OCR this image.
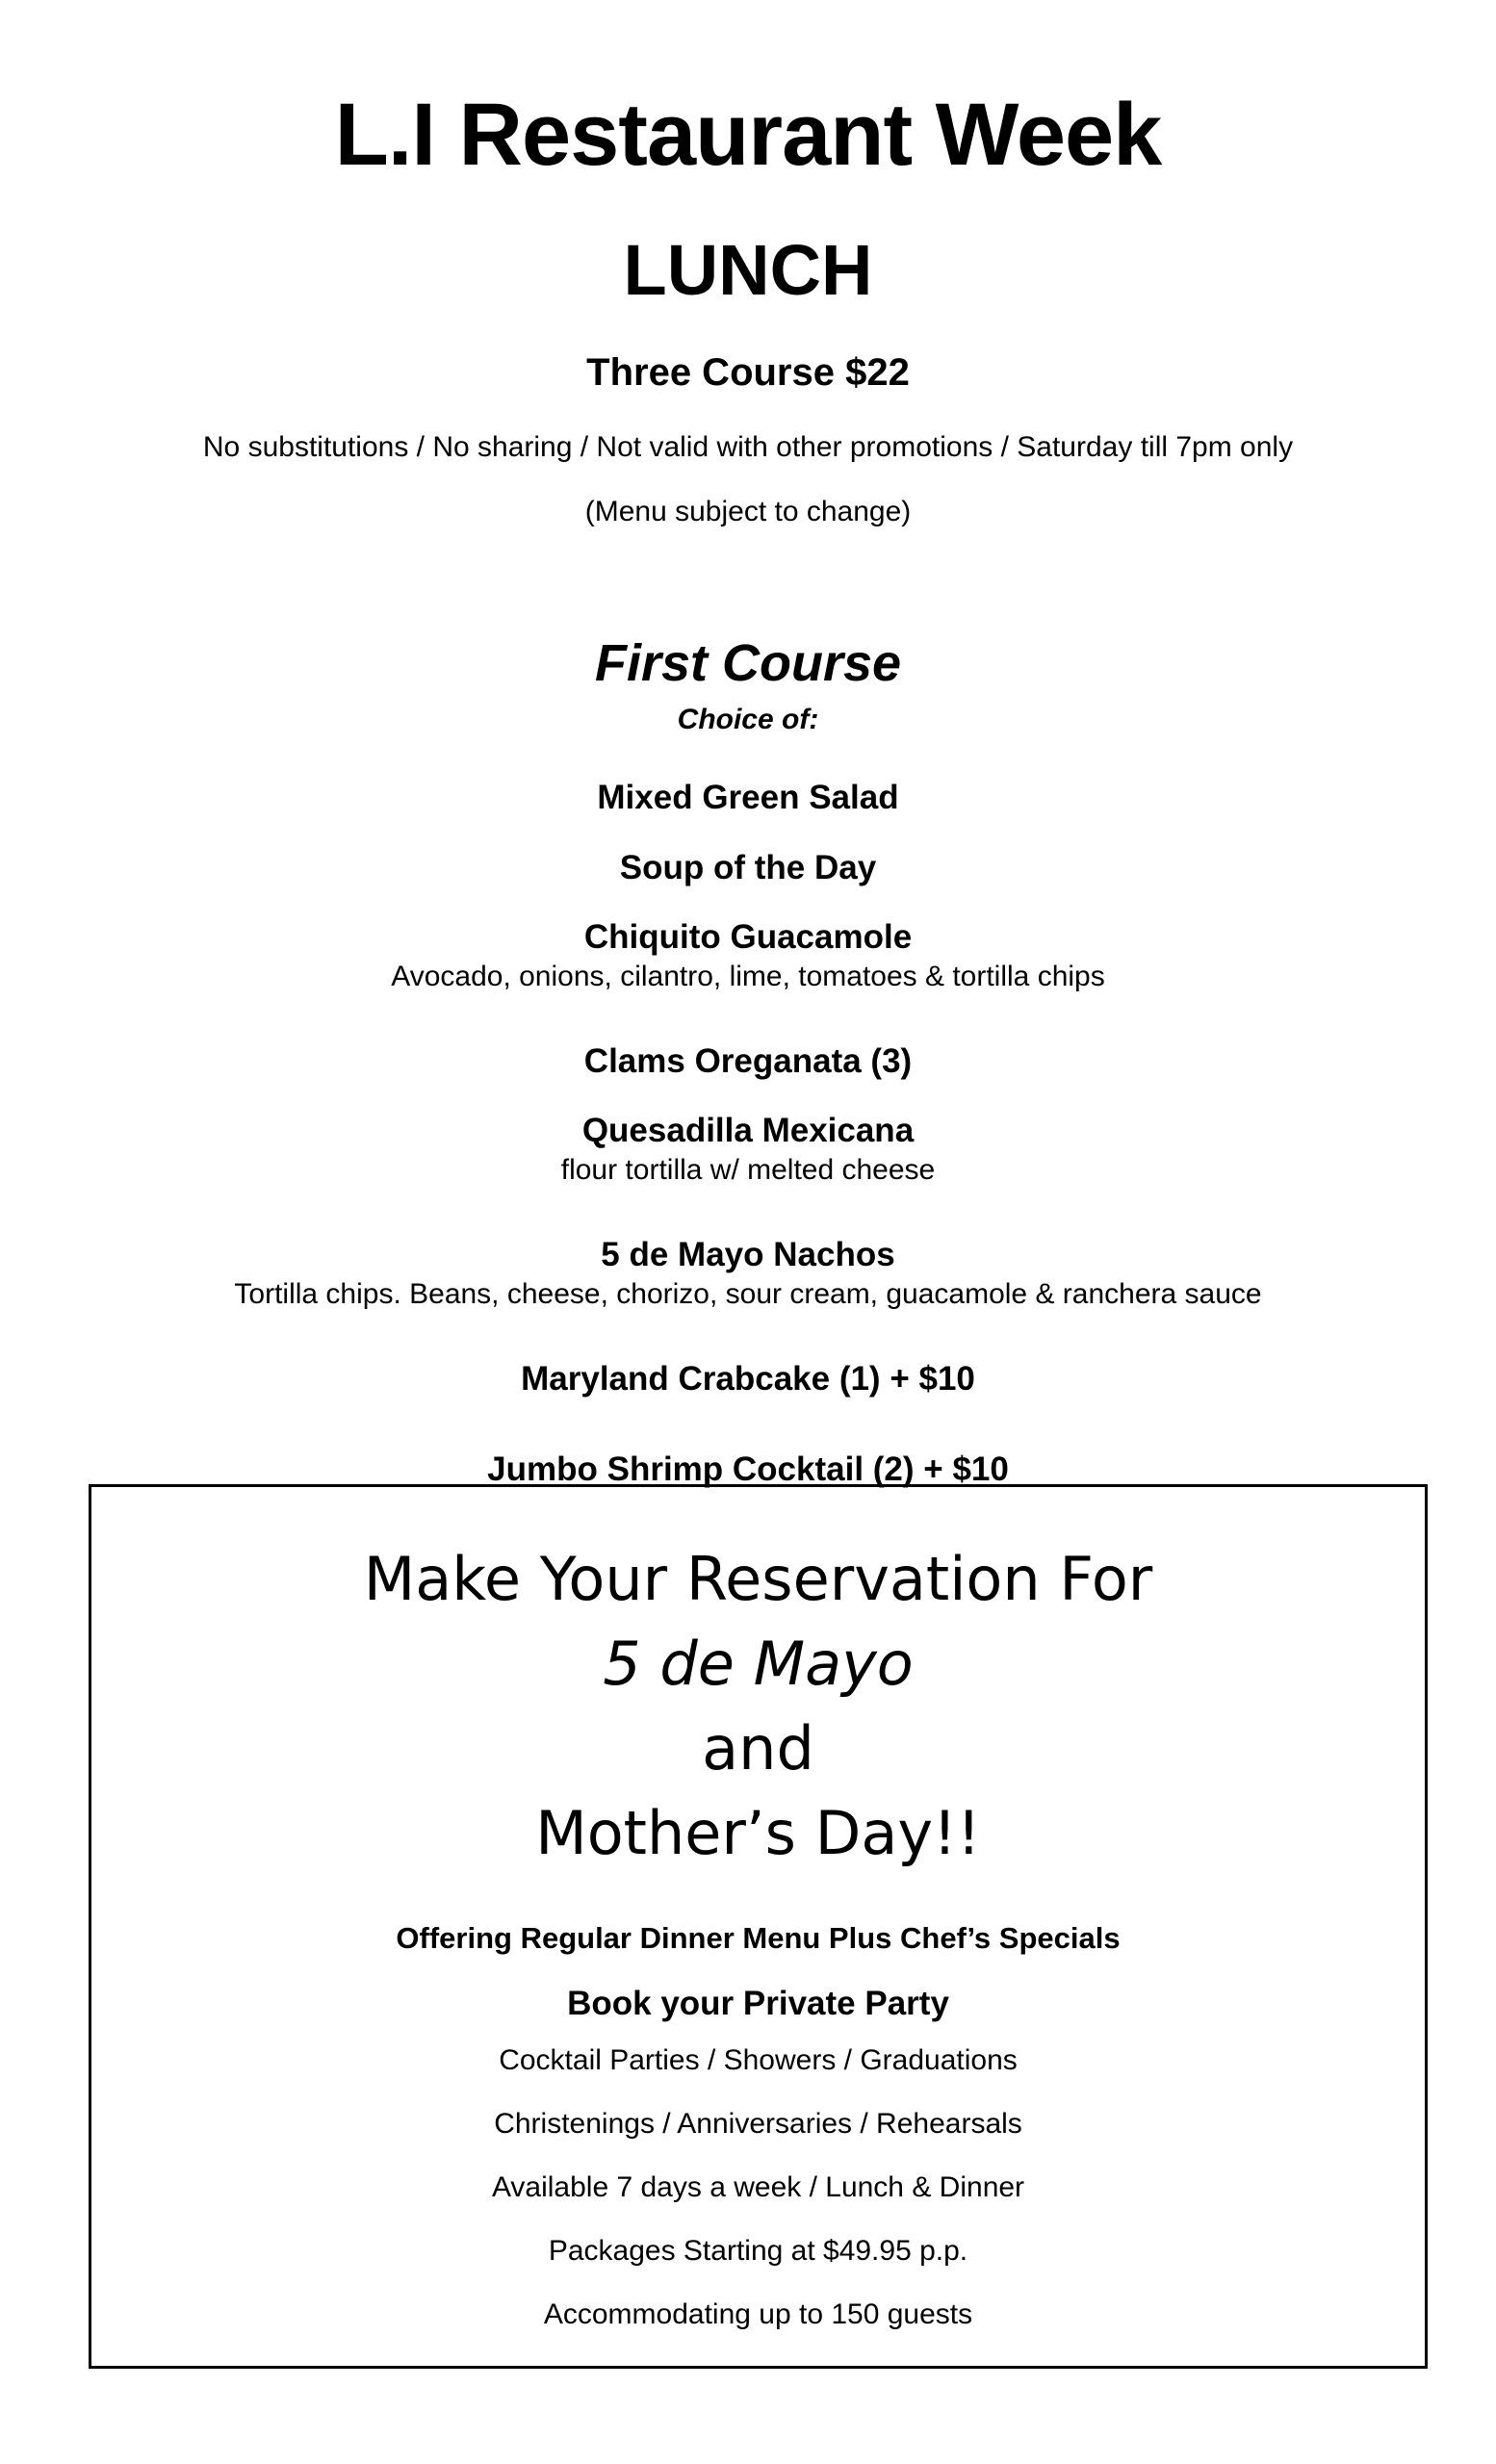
L.I Restaurant Week
LUNCH
Three Course $22
No substitutions / No sharing / Not valid with other promotions / Saturday till 7pm only
(Menu subject to change)
First Course
Choice of:
Mixed Green Salad
Soup of the Day
Chiquito Guacamole
Avocado, onions, cilantro, lime, tomatoes & tortilla chips
Clams Oreganata (3)
Quesadilla Mexicana
flour tortilla w/ melted cheese
5 de Mayo Nachos
Tortilla chips. Beans, cheese, chorizo, sour cream, guacamole & ranchera sauce
Maryland Crabcake (1) + $10
Jumbo Shrimp Cocktail (2) + $10
Make Your Reservation For
5 de Mayo
and
Mother’s Day!!
Offering Regular Dinner Menu Plus Chef’s Specials
Book your Private Party
Cocktail Parties / Showers / Graduations
Christenings / Anniversaries / Rehearsals
Available 7 days a week / Lunch & Dinner
Packages Starting at $49.95 p.p.
Accommodating up to 150 guests
